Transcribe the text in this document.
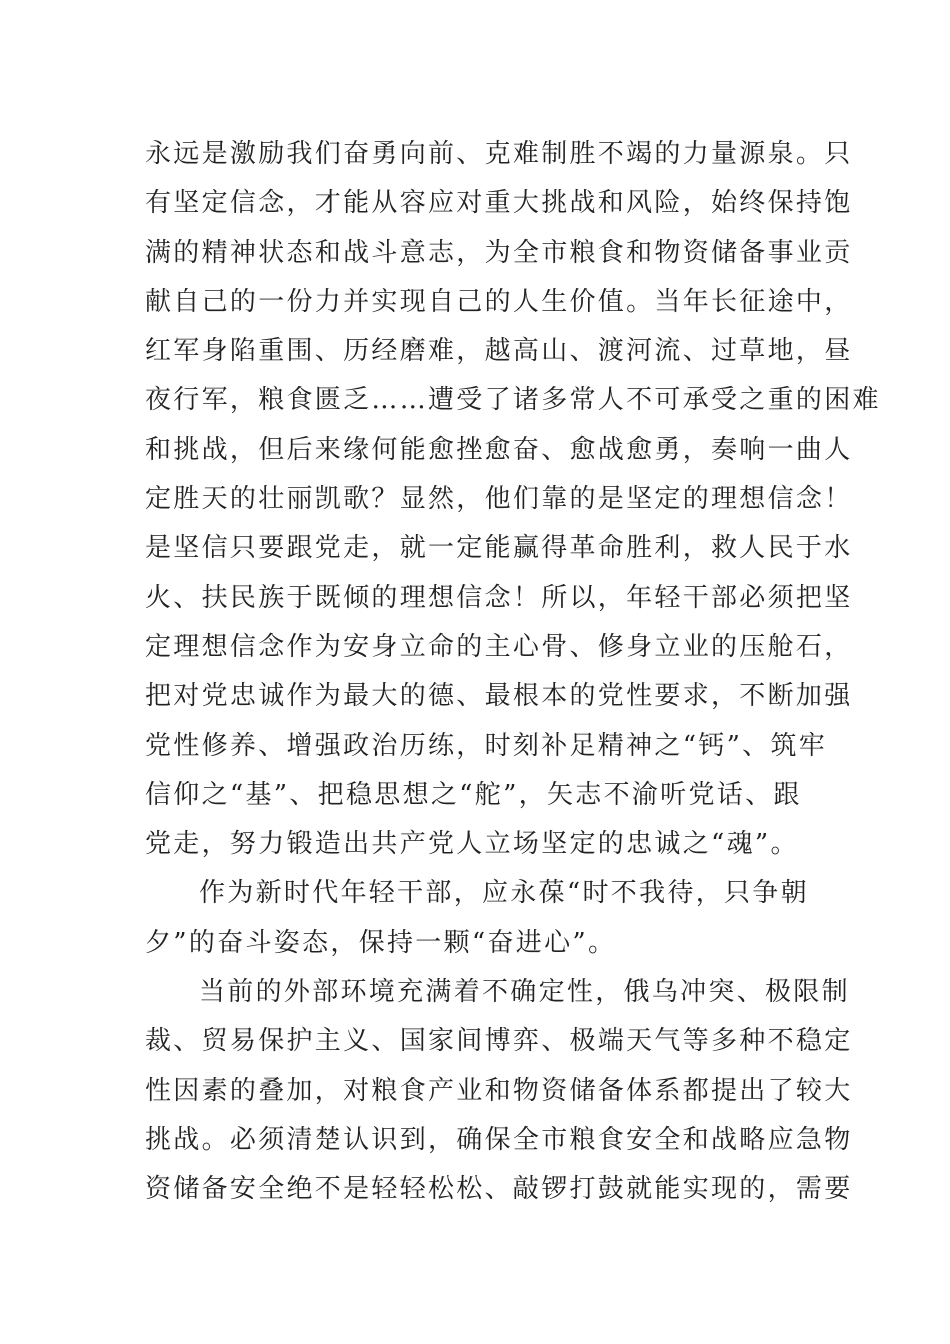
永远是激励我们奋勇向前、克难制胜不竭的力量源泉。只
有坚定信念，才能从容应对重大挑战和风险，始终保持饱
满的精神状态和战斗意志，为全市粮食和物资储备事业贡
献自己的一份力并实现自己的人生价值。当年长征途中，
红军身陷重围、历经磨难，越高山、渡河流、过草地，昼
夜行军，粮食匮乏……遭受了诸多常人不可承受之重的困难
和挑战，但后来缘何能愈挫愈奋、愈战愈勇，奏响一曲人
定胜天的壮丽凯歌？显然，他们靠的是坚定的理想信念！
是坚信只要跟党走，就一定能赢得革命胜利，救人民于水
火、扶民族于既倾的理想信念！所以，年轻干部必须把坚
定理想信念作为安身立命的主心骨、修身立业的压舱石，
把对党忠诚作为最大的德、最根本的党性要求，不断加强
党性修养、增强政治历练，时刻补足精神之“钙”、筑牢
信仰之“基”、把稳思想之“舵”，矢志不渝听党话、跟
党走，努力锻造出共产党人立场坚定的忠诚之“魂”。
作为新时代年轻干部，应永葆“时不我待，只争朝
夕”的奋斗姿态，保持一颗“奋进心”。
当前的外部环境充满着不确定性，俄乌冲突、极限制
裁、贸易保护主义、国家间博弈、极端天气等多种不稳定
性因素的叠加，对粮食产业和物资储备体系都提出了较大
挑战。必须清楚认识到，确保全市粮食安全和战略应急物
资储备安全绝不是轻轻松松、敲锣打鼓就能实现的，需要
